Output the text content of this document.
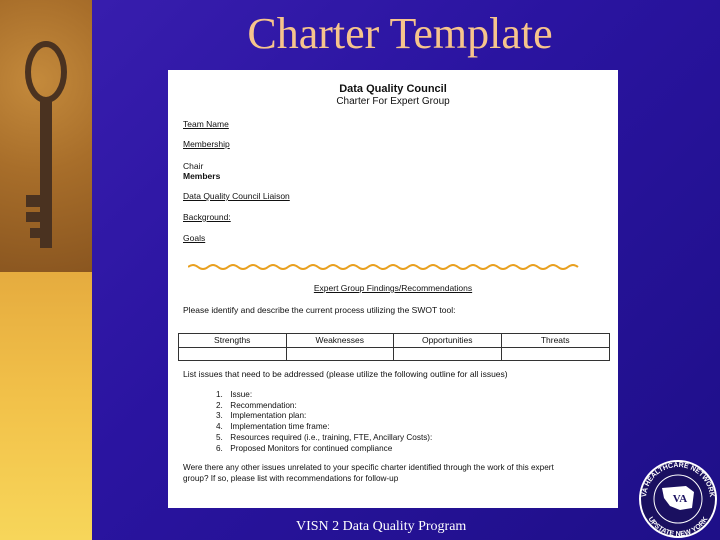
Charter Template
Data Quality Council
Charter For Expert Group
Team Name
Membership
Chair
Members
Data Quality Council Liaison
Background:
Goals
Expert Group Findings/Recommendations
Please identify and describe the current process utilizing the SWOT tool:
Strengths	Weaknesses	Opportunities	Threats
List issues that need to be addressed (please utilize the following outline for all issues)
1. Issue:
2. Recommendation:
3. Implementation plan:
4. Implementation time frame:
5. Resources required (i.e., training, FTE, Ancillary Costs):
6. Proposed Monitors for continued compliance
Were there any other issues unrelated to your specific charter identified through the work of this expert
group? If so, please list with recommendations for follow-up
VISN 2 Data Quality Program
VA HEALTHCARE NETWORK
UPSTATE NEW YORK
VA
